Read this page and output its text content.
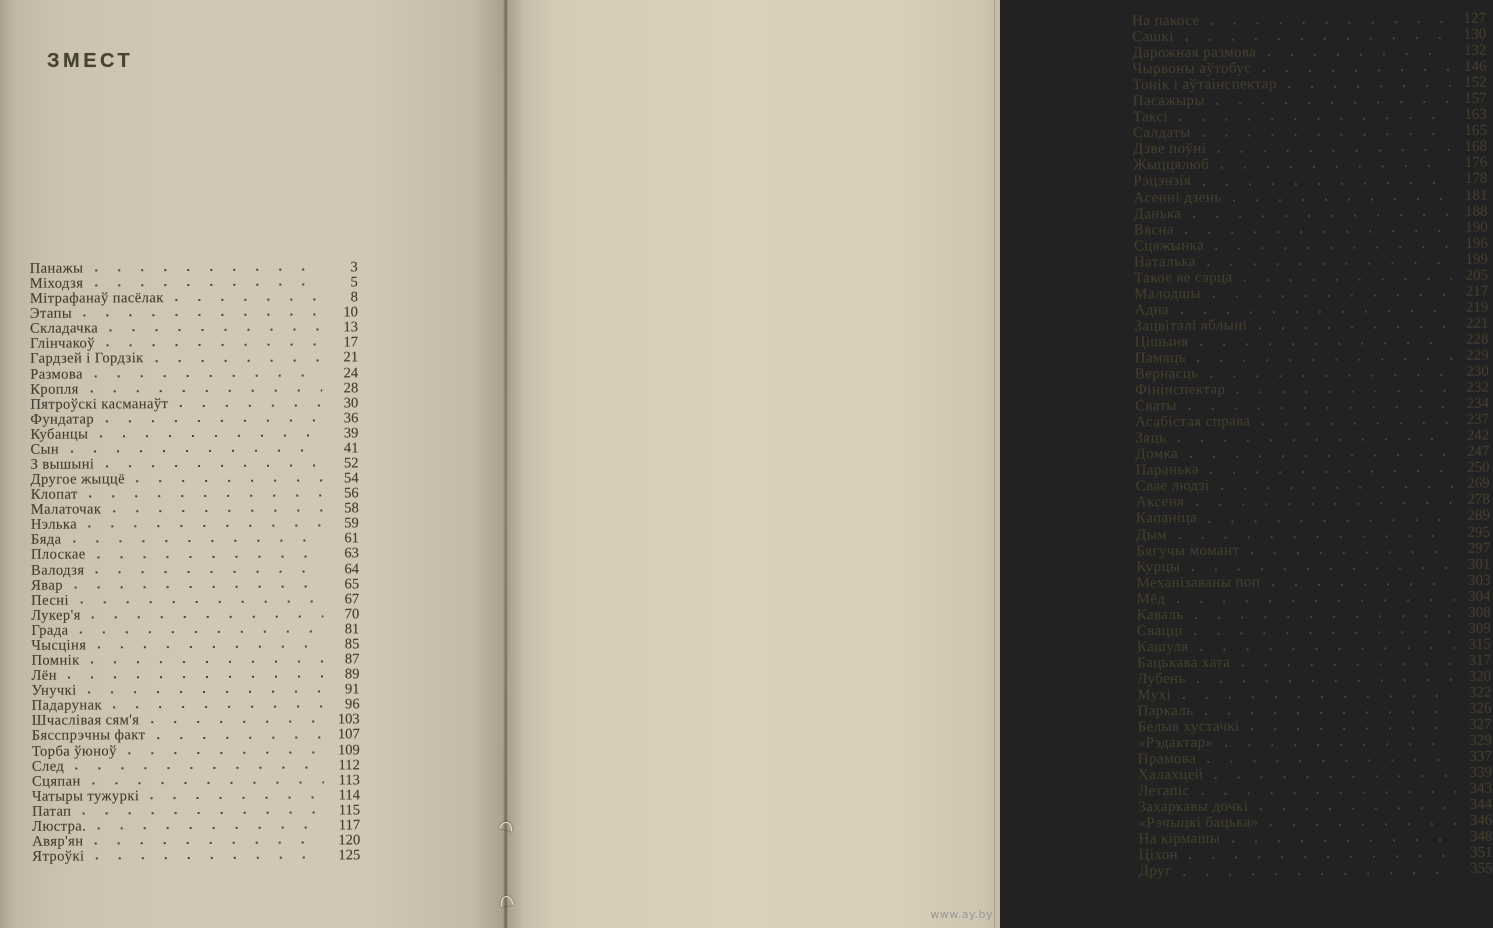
ЗМЕСТ
Панажы	3
Міходзя	5
Мітрафанаў пасёлак	8
Этапы	10
Складачка	13
Глінчакоў	17
Гардзей і Гордзік	21
Размова	24
Кропля	28
Пятроўскі касманаўт	30
Фундатар	36
Кубанцы	39
Сын	41
З вышыні	52
Другое жыццё	54
Клопат	56
Малаточак	58
Нэлька	59
Бяда	61
Плоскае	63
Валодзя	64
Явар	65
Песні	67
Лукер'я	70
Града	81
Чысціня	85
Помнік	87
Лён	89
Унучкі	91
Падарунак	96
Шчаслівая сям'я	103
Бясспрэчны факт	107
Торба ўюноў	109
След	112
Сцяпан	113
Чатыры тужуркі	114
Патап	115
Люстра.	117
Авяр'ян	120
Ятроўкі	125
На пакосе	127
Сашкі	130
Дарожная размова	132
Чырвоны аўтобус	146
Тонік і аўтаінспектар	152
Пасажыры	157
Таксі	163
Салдаты	165
Дзве поўні	168
Жыццялюб	176
Рэцэнзія	178
Асенні дзень	181
Данька	188
Вясна	190
Сцяжынка	196
Наталька	199
Такое яе сэрца	205
Малодшы	217
Адна	219
Зацвіталі яблыні	221
Цішыня	228
Памяць	229
Вернасць	230
Фінінспектар	232
Сваты	234
Асабістая справа	237
Зяць	242
Домка	247
Паранька	250
Свае людзі	269
Аксеня	278
Капаніца	289
Дым	295
Бягучы момант	297
Курцы	301
Механізаваны поп	303
Мёд	304
Каваль	308
Свацці	309
Кашуля	315
Бацькава хата	317
Лубень	320
Мухі	322
Паркаль	326
Белыя хустачкі	327
«Рэдактар»	329
Прамова	337
Халахцей	339
Летапіс	343
Захаркавы дочкі	344
«Рэчыцкі бацька»	346
На кірмашы	348
Ціхон	351
Друг	355
www.ay.by
